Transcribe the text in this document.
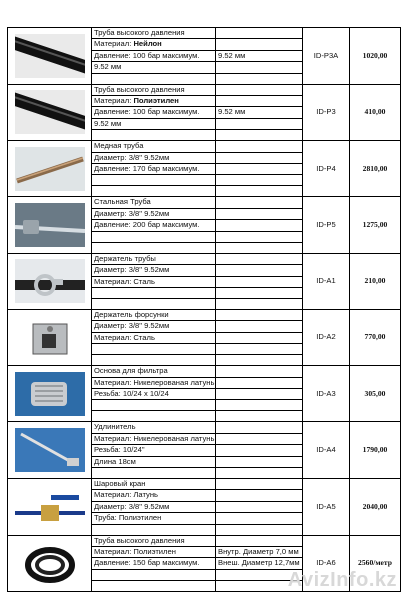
	Труба высокого давления		ID-P3A	1020,00
	Материал: Нейлон			
	Давление: 100 бар максимум.	9.52 мм		
	9.52 мм			

	Труба высокого давления		ID-P3	410,00
	Материал: Полиэтилен			
	Давление: 100 бар максимум.	9.52 мм		
	9.52 мм			

	Медная труба		ID-P4	2810,00
	Диаметр: 3/8" 9.52мм			
	Давление: 170 бар максимум.			

	Стальная Труба		ID-P5	1275,00
	Диаметр: 3/8" 9.52мм			
	Давление: 200 бар максимум.			

	Держатель трубы		ID-A1	210,00
	Диаметр: 3/8" 9.52мм			
	Материал: Сталь			

	Держатель форсунки		ID-A2	770,00
	Диаметр: 3/8" 9.52мм			
	Материал: Сталь			

	Основа для фильтра		ID-A3	305,00
	Материал: Никелерованая латунь			
	Резьба: 10/24 x 10/24			

	Удлинитель		ID-A4	1790,00
	Материал: Никелерованая латунь			
	Резьба: 10/24"			
	Длина 18см			

	Шаровый кран		ID-A5	2040,00
	Материал: Латунь			
	Диаметр: 3/8" 9.52мм			
	Труба: Полиэтилен			

	Труба высокого давления		ID-A6	2560/метр
	Материал: Полиэтилен	Внутр. Диаметр 7,0 мм		
	Давление: 150 бар максимум.	Внеш. Диаметр 12,7мм		

AvizInfo.kz
